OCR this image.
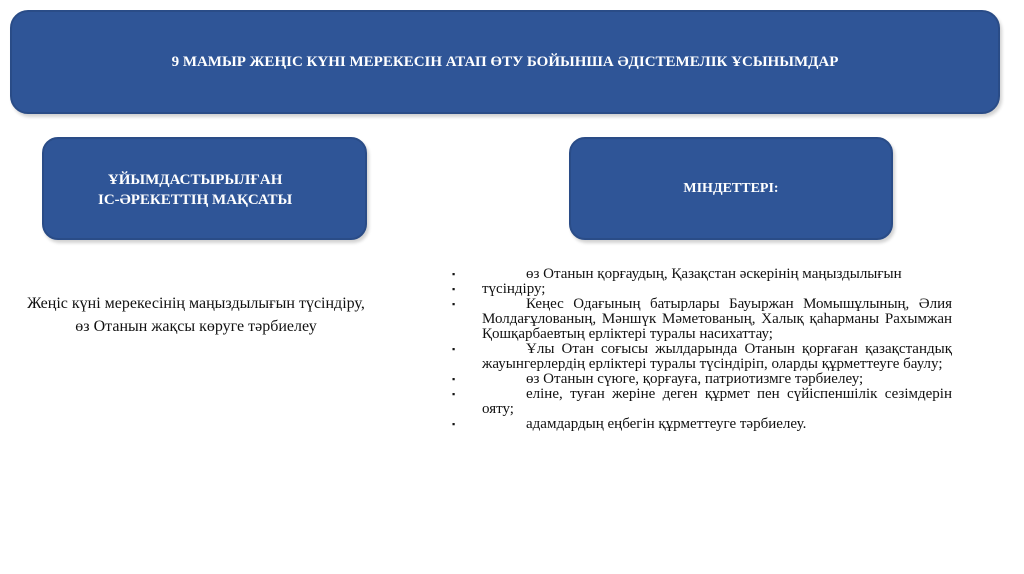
9 МАМЫР ЖЕҢІС КҮНІ МЕРЕКЕСІН АТАП ӨТУ БОЙЫНША ӘДІСТЕМЕЛІК ҰСЫНЫМДАР
ҰЙЫМДАСТЫРЫЛҒАН
ІС-ӘРЕКЕТТІҢ МАҚСАТЫ
МІНДЕТТЕРІ:
Жеңіс күні мерекесінің маңыздылығын түсіндіру, өз Отанын жақсы көруге тәрбиелеу
▪	өз Отанын қорғаудың, Қазақстан әскерінің маңыздылығын
▪ түсіндіру;
▪	Кеңес Одағының батырлары Бауыржан Момышұлының, Әлия Молдағұлованың, Мәншүк Мәметованың, Халық қаһарманы Рахымжан Қошқарбаевтың ерліктері туралы насихаттау;
▪	Ұлы Отан соғысы жылдарында Отанын қорғаған қазақстандық жауынгерлердің ерліктері туралы түсіндіріп, оларды құрметтеуге баулу;
▪	өз Отанын сүюге, қорғауға, патриотизмге тәрбиелеу;
▪	еліне, туған жеріне деген құрмет пен сүйіспеншілік сезімдерін ояту;
▪	адамдардың еңбегін құрметтеуге тәрбиелеу.
